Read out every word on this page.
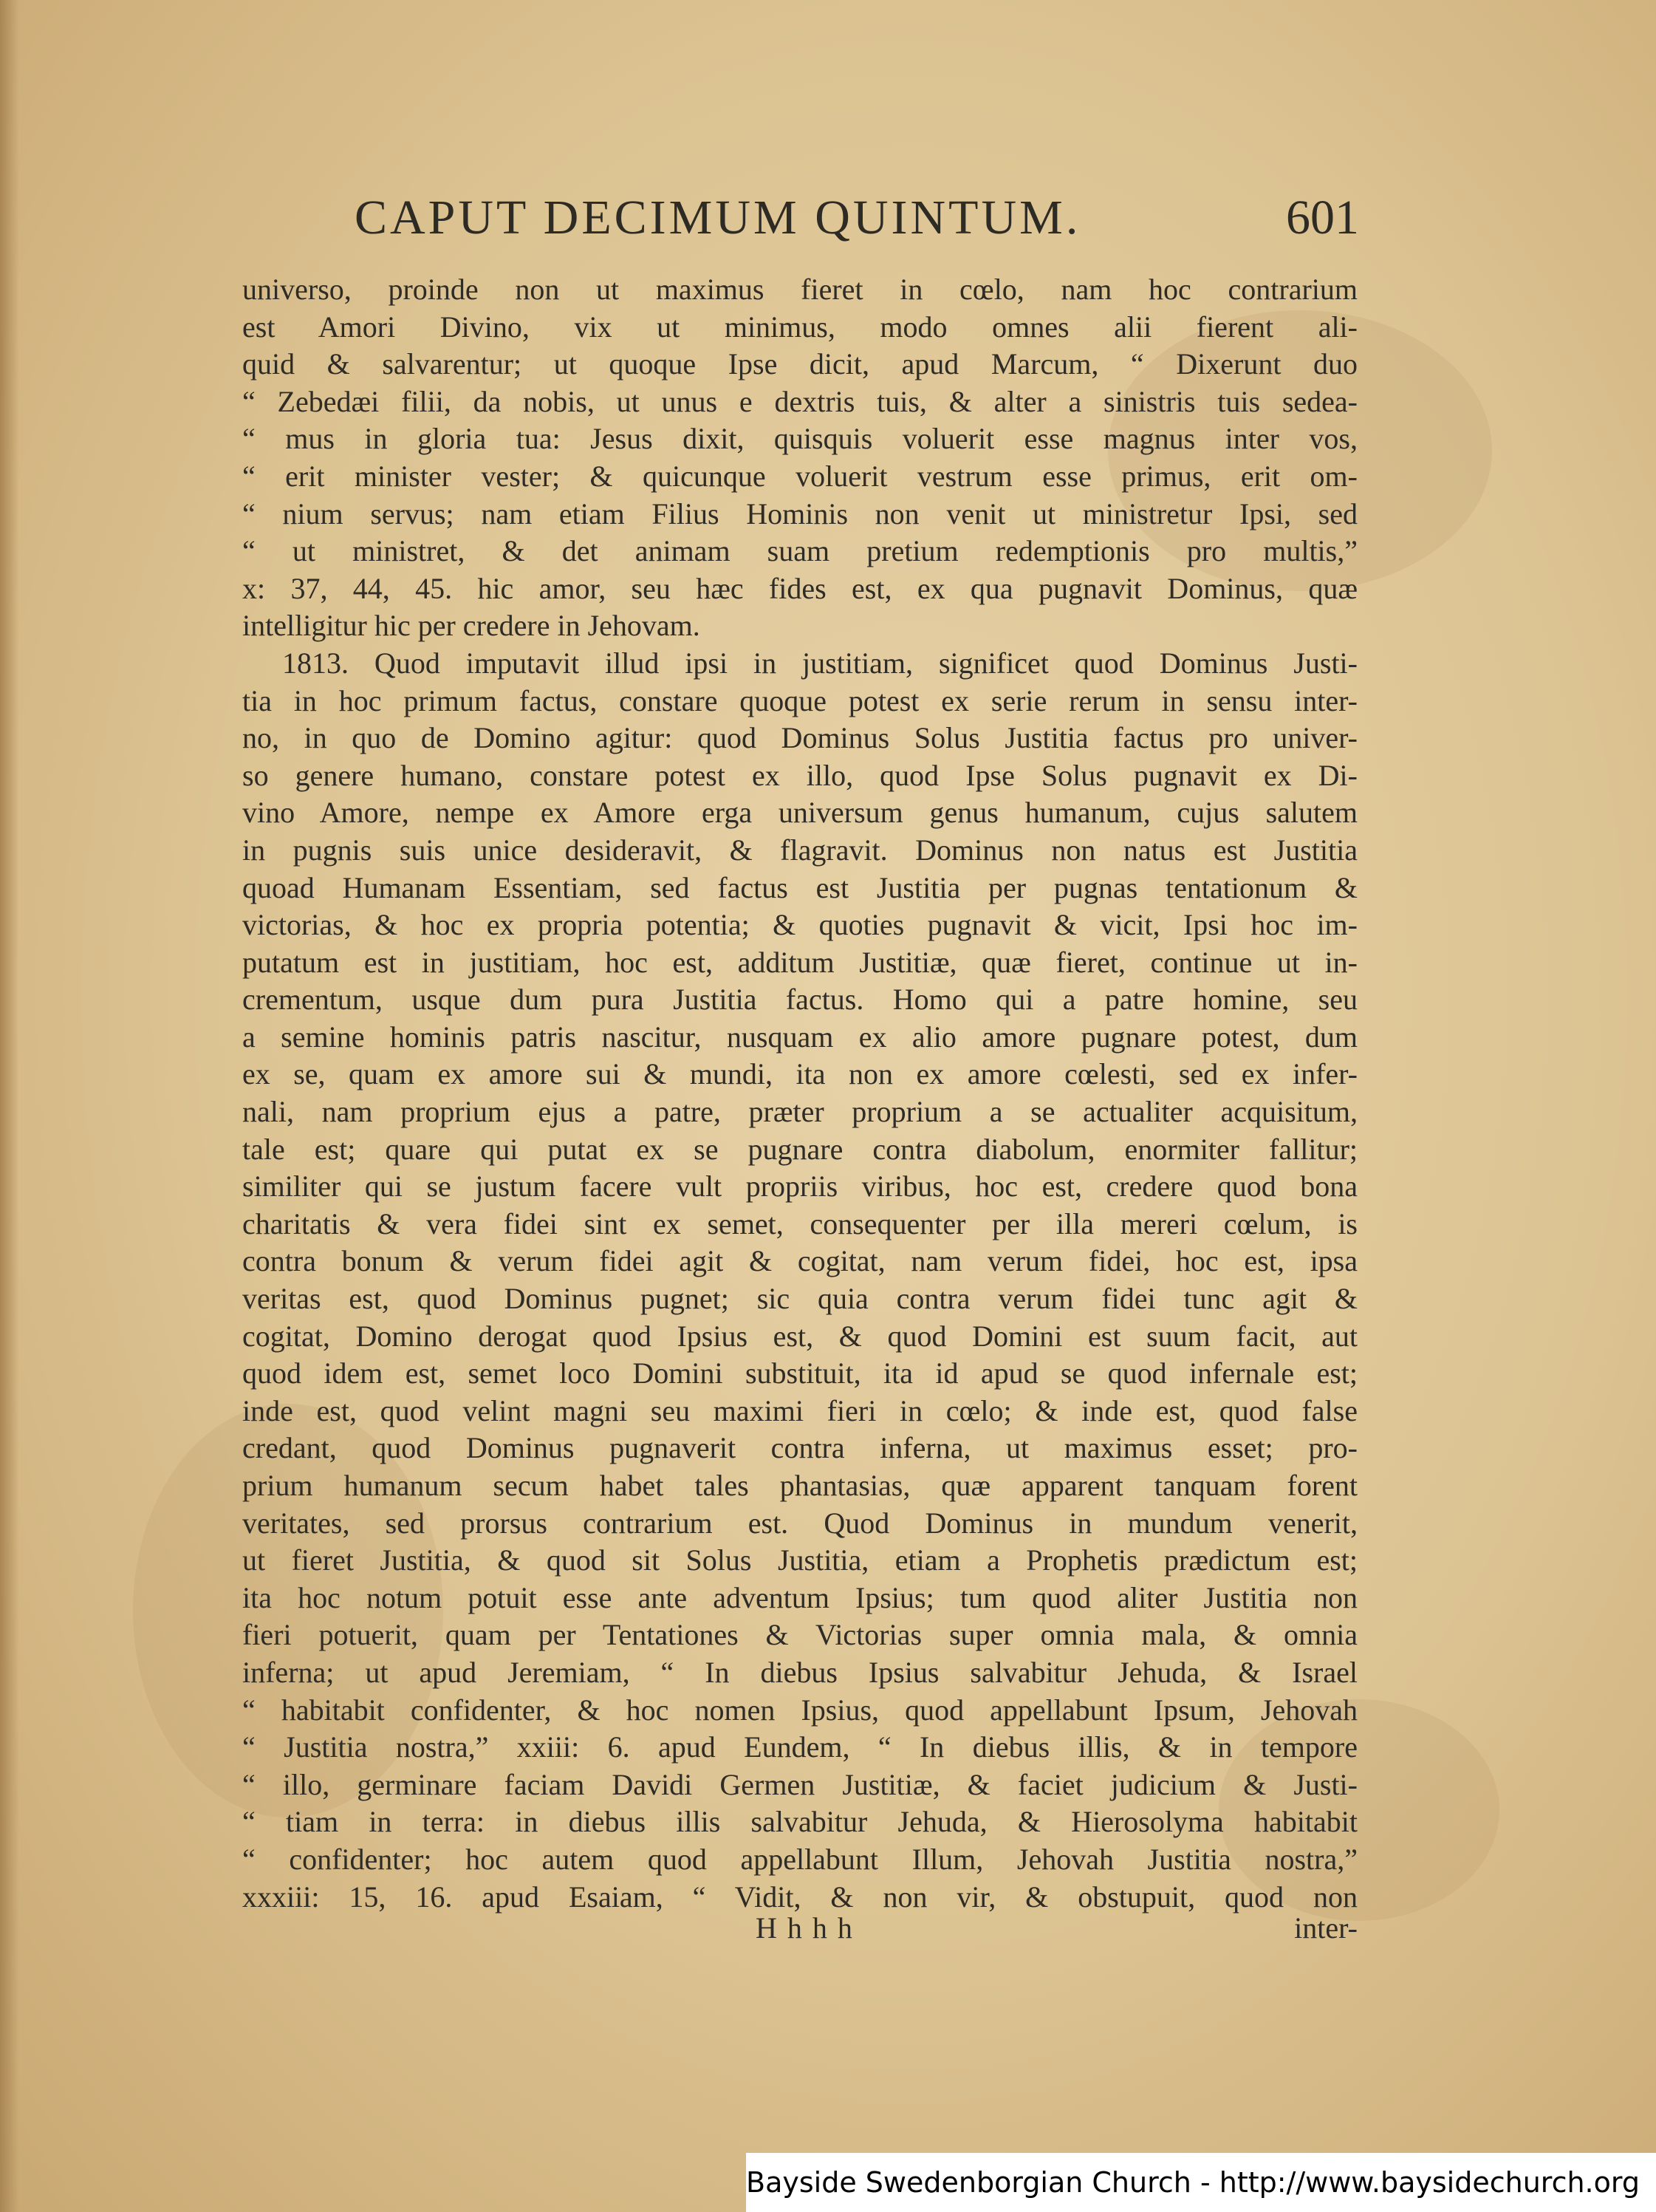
CAPUT DECIMUM QUINTUM.	601
universo, proinde non ut maximus fieret in cœlo, nam hoc contrarium
est Amori Divino, vix ut minimus, modo omnes alii fierent ali-
quid & salvarentur; ut quoque Ipse dicit, apud Marcum, “ Dixerunt duo
“ Zebedæi filii, da nobis, ut unus e dextris tuis, & alter a sinistris tuis sedea-
“ mus in gloria tua: Jesus dixit, quisquis voluerit esse magnus inter vos,
“ erit minister vester; & quicunque voluerit vestrum esse primus, erit om-
“ nium servus; nam etiam Filius Hominis non venit ut ministretur Ipsi, sed
“ ut ministret, & det animam suam pretium redemptionis pro multis,”
x: 37, 44, 45. hic amor, seu hæc fides est, ex qua pugnavit Dominus, quæ
intelligitur hic per credere in Jehovam.
1813. Quod imputavit illud ipsi in justitiam, significet quod Dominus Justi-
tia in hoc primum factus, constare quoque potest ex serie rerum in sensu inter-
no, in quo de Domino agitur: quod Dominus Solus Justitia factus pro univer-
so genere humano, constare potest ex illo, quod Ipse Solus pugnavit ex Di-
vino Amore, nempe ex Amore erga universum genus humanum, cujus salutem
in pugnis suis unice desideravit, & flagravit. Dominus non natus est Justitia
quoad Humanam Essentiam, sed factus est Justitia per pugnas tentationum &
victorias, & hoc ex propria potentia; & quoties pugnavit & vicit, Ipsi hoc im-
putatum est in justitiam, hoc est, additum Justitiæ, quæ fieret, continue ut in-
crementum, usque dum pura Justitia factus. Homo qui a patre homine, seu
a semine hominis patris nascitur, nusquam ex alio amore pugnare potest, dum
ex se, quam ex amore sui & mundi, ita non ex amore cœlesti, sed ex infer-
nali, nam proprium ejus a patre, præter proprium a se actualiter acquisitum,
tale est; quare qui putat ex se pugnare contra diabolum, enormiter fallitur;
similiter qui se justum facere vult propriis viribus, hoc est, credere quod bona
charitatis & vera fidei sint ex semet, consequenter per illa mereri cœlum, is
contra bonum & verum fidei agit & cogitat, nam verum fidei, hoc est, ipsa
veritas est, quod Dominus pugnet; sic quia contra verum fidei tunc agit &
cogitat, Domino derogat quod Ipsius est, & quod Domini est suum facit, aut
quod idem est, semet loco Domini substituit, ita id apud se quod infernale est;
inde est, quod velint magni seu maximi fieri in cœlo; & inde est, quod false
credant, quod Dominus pugnaverit contra inferna, ut maximus esset; pro-
prium humanum secum habet tales phantasias, quæ apparent tanquam forent
veritates, sed prorsus contrarium est. Quod Dominus in mundum venerit,
ut fieret Justitia, & quod sit Solus Justitia, etiam a Prophetis prædictum est;
ita hoc notum potuit esse ante adventum Ipsius; tum quod aliter Justitia non
fieri potuerit, quam per Tentationes & Victorias super omnia mala, & omnia
inferna; ut apud Jeremiam, “ In diebus Ipsius salvabitur Jehuda, & Israel
“ habitabit confidenter, & hoc nomen Ipsius, quod appellabunt Ipsum, Jehovah
“ Justitia nostra,” xxiii: 6. apud Eundem, “ In diebus illis, & in tempore
“ illo, germinare faciam Davidi Germen Justitiæ, & faciet judicium & Justi-
“ tiam in terra: in diebus illis salvabitur Jehuda, & Hierosolyma habitabit
“ confidenter; hoc autem quod appellabunt Illum, Jehovah Justitia nostra,”
xxxiii: 15, 16. apud Esaiam, “ Vidit, & non vir, & obstupuit, quod non
Hhhh	inter-
Bayside Swedenborgian Church - http://www.baysidechurch.org
